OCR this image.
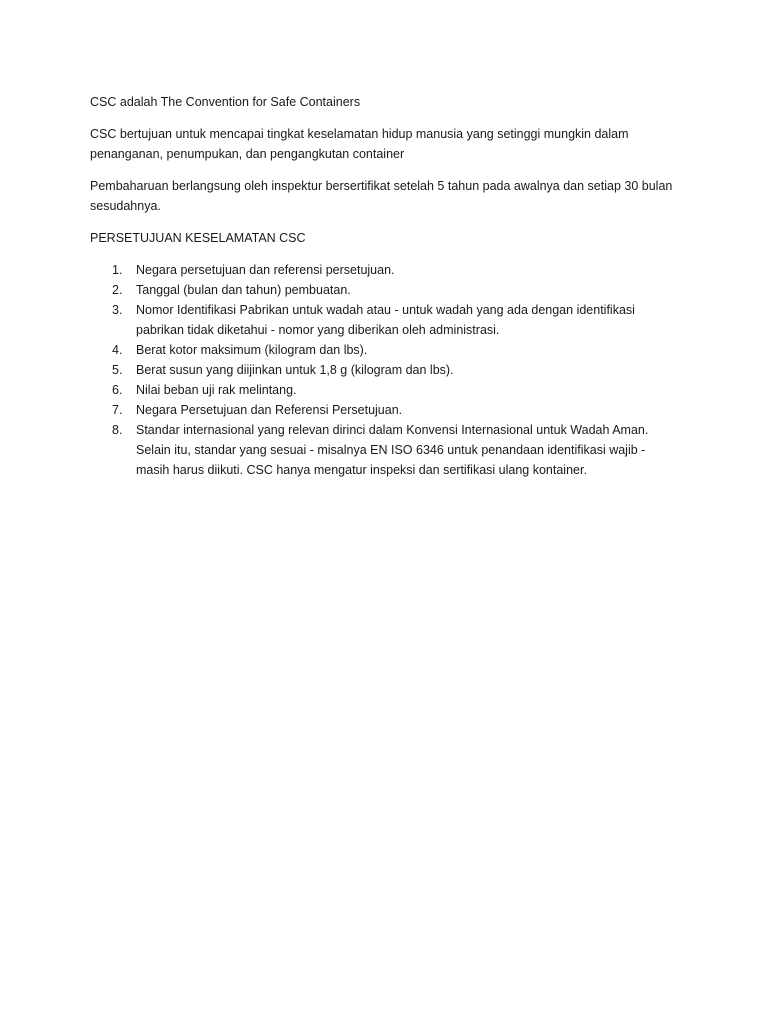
CSC adalah The Convention for Safe Containers

CSC bertujuan untuk mencapai tingkat keselamatan hidup manusia yang setinggi mungkin dalam penanganan, penumpukan, dan pengangkutan container

Pembaharuan berlangsung oleh inspektur bersertifikat setelah 5 tahun pada awalnya dan setiap 30 bulan sesudahnya.

PERSETUJUAN KESELAMATAN CSC

1. Negara persetujuan dan referensi persetujuan.
2. Tanggal (bulan dan tahun) pembuatan.
3. Nomor Identifikasi Pabrikan untuk wadah atau - untuk wadah yang ada dengan identifikasi pabrikan tidak diketahui - nomor yang diberikan oleh administrasi.
4. Berat kotor maksimum (kilogram dan lbs).
5. Berat susun yang diijinkan untuk 1,8 g (kilogram dan lbs).
6. Nilai beban uji rak melintang.
7. Negara Persetujuan dan Referensi Persetujuan.
8. Standar internasional yang relevan dirinci dalam Konvensi Internasional untuk Wadah Aman. Selain itu, standar yang sesuai - misalnya EN ISO 6346 untuk penandaan identifikasi wajib - masih harus diikuti. CSC hanya mengatur inspeksi dan sertifikasi ulang kontainer.
